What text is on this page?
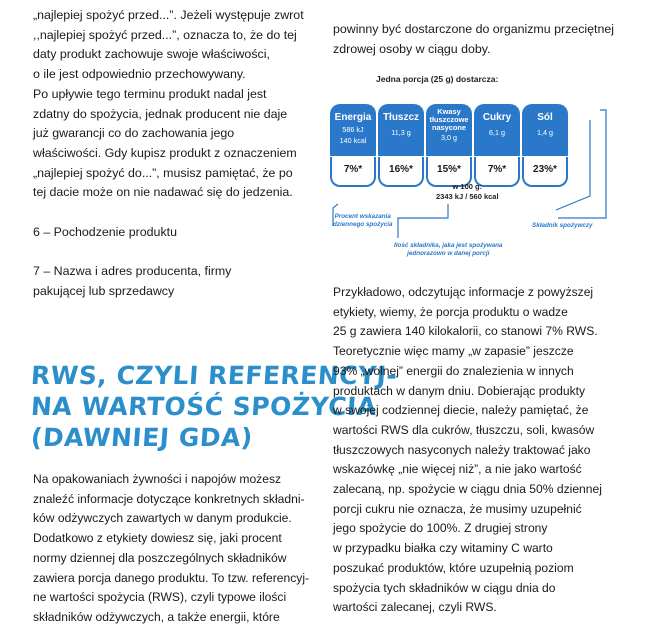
„najlepiej spożyć przed...”. Jeżeli występuje zwrot

,,najlepiej spożyć przed...”, oznacza to, że do tej

daty produkt zachowuje swoje właściwości,

o ile jest odpowiednio przechowywany.

Po upływie tego terminu produkt nadal jest

zdatny do spożycia, jednak producent nie daje

już gwarancji co do zachowania jego

właściwości. Gdy kupisz produkt z oznaczeniem

„najlepiej spożyć do...”, musisz pamiętać, że po

tej dacie może on nie nadawać się do jedzenia.

6 – Pochodzenie produktu

7 – Nazwa i adres producenta, firmy

pakującej lub sprzedawcy

RWS, CZYLI REFERENCYJ-
NA WARTOŚĆ SPOŻYCIA
(DAWNIEJ GDA)

Na opakowaniach żywności i napojów możesz

znaleźć informacje dotyczące konkretnych składni-

ków odżywczych zawartych w danym produkcie.

Dodatkowo z etykiety dowiesz się, jaki procent

normy dziennej dla poszczególnych składników

zawiera porcja danego produktu. To tzw. referencyj-

ne wartości spożycia (RWS), czyli typowe ilości

składników odżywczych, a także energii, które

powinny być dostarczone do organizmu przeciętnej

zdrowej osoby w ciągu doby.

Jedna porcja (25 g) dostarcza:
Energia
586 kJ
140 kcal
7%*
Tłuszcz
11,3 g
16%*
Kwasy tłuszczowe nasycone
3,0 g
15%*
Cukry
6,1 g
7%*
Sól
1,4 g
23%*
w 100 g:
2343 kJ / 560 kcal
Procent wskazania
dziennego spożycia
Ilość składnika, jaka jest spożywana
jednorazowo w danej porcji
Składnik spożywczy

Przykładowo, odczytując informacje z powyższej

etykiety, wiemy, że porcja produktu o wadze

25 g zawiera 140 kilokalorii, co stanowi 7% RWS.

Teoretycznie więc mamy „w zapasie” jeszcze

93% „wolnej” energii do znalezienia w innych

produktach w danym dniu. Dobierając produkty

w swojej codziennej diecie, należy pamiętać, że

wartości RWS dla cukrów, tłuszczu, soli, kwasów

tłuszczowych nasyconych należy traktować jako

wskazówkę „nie więcej niż”, a nie jako wartość

zalecaną, np. spożycie w ciągu dnia 50% dziennej

porcji cukru nie oznacza, że musimy uzupełnić

jego spożycie do 100%. Z drugiej strony

w przypadku białka czy witaminy C warto

poszukać produktów, które uzupełnią poziom

spożycia tych składników w ciągu dnia do

wartości zalecanej, czyli RWS.
